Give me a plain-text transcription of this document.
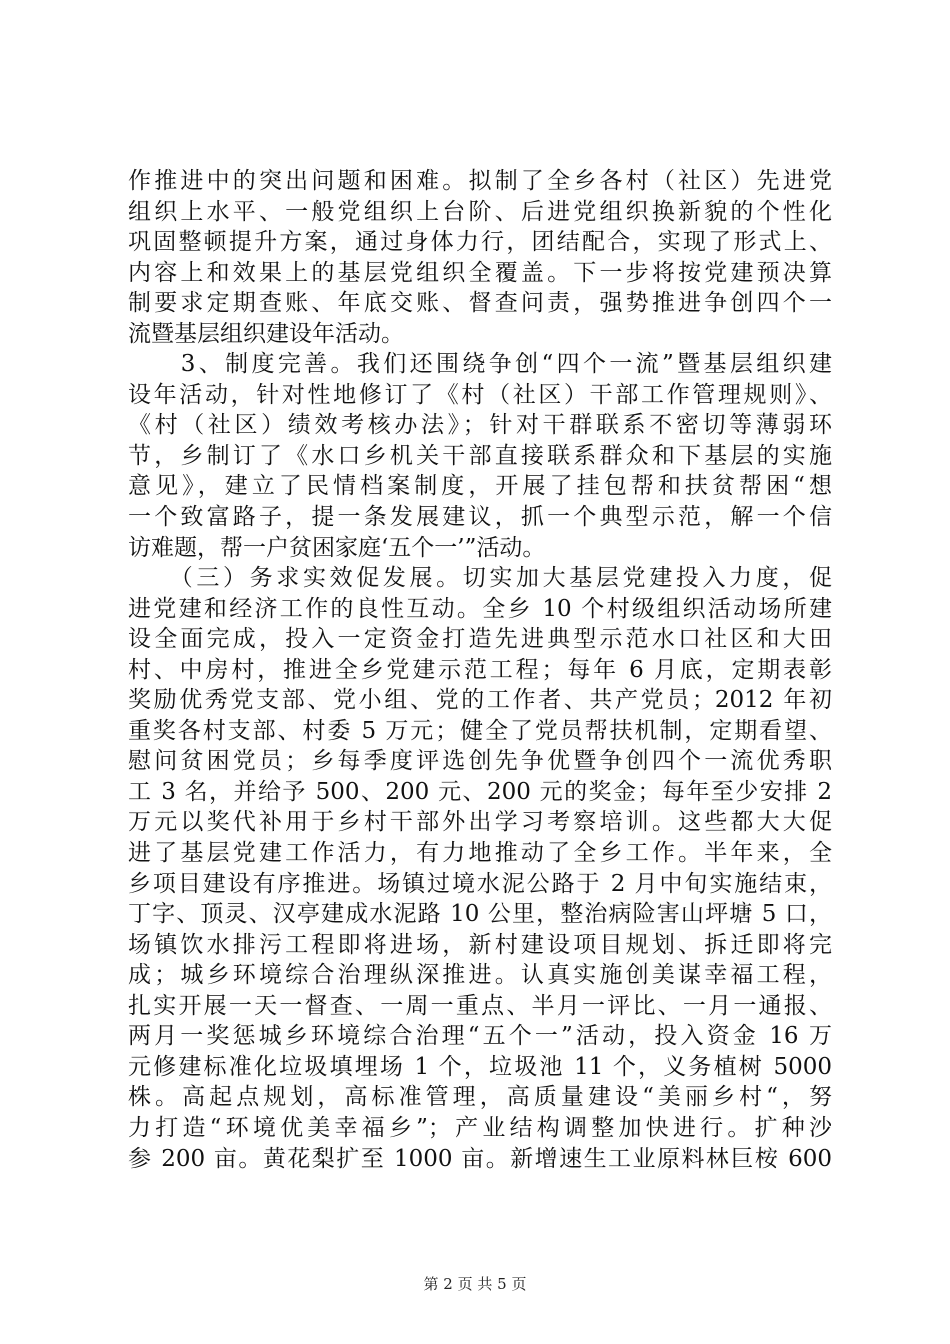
作推进中的突出问题和困难。拟制了全乡各村（社区）先进党
组织上水平、一般党组织上台阶、后进党组织换新貌的个性化
巩固整顿提升方案，通过身体力行，团结配合，实现了形式上、
内容上和效果上的基层党组织全覆盖。下一步将按党建预决算
制要求定期查账、年底交账、督查问责，强势推进争创四个一
流暨基层组织建设年活动。
　　3、制度完善。我们还围绕争创“四个一流”暨基层组织建
设年活动，针对性地修订了《村（社区）干部工作管理规则》、
《村（社区）绩效考核办法》；针对干群联系不密切等薄弱环
节，乡制订了《水口乡机关干部直接联系群众和下基层的实施
意见》，建立了民情档案制度，开展了挂包帮和扶贫帮困“想
一个致富路子，提一条发展建议，抓一个典型示范，解一个信
访难题，帮一户贫困家庭‘五个一’”活动。
　　（三）务求实效促发展。切实加大基层党建投入力度，促
进党建和经济工作的良性互动。全乡 10 个村级组织活动场所建
设全面完成，投入一定资金打造先进典型示范水口社区和大田
村、中房村，推进全乡党建示范工程；每年 6 月底，定期表彰
奖励优秀党支部、党小组、党的工作者、共产党员；2012 年初
重奖各村支部、村委 5 万元；健全了党员帮扶机制，定期看望、
慰问贫困党员；乡每季度评选创先争优暨争创四个一流优秀职
工 3 名，并给予 500、200 元、200 元的奖金；每年至少安排 2
万元以奖代补用于乡村干部外出学习考察培训。这些都大大促
进了基层党建工作活力，有力地推动了全乡工作。半年来，全
乡项目建设有序推进。场镇过境水泥公路于 2 月中旬实施结束，
丁字、顶灵、汉亭建成水泥路 10 公里，整治病险害山坪塘 5 口，
场镇饮水排污工程即将进场，新村建设项目规划、拆迁即将完
成；城乡环境综合治理纵深推进。认真实施创美谋幸福工程，
扎实开展一天一督查、一周一重点、半月一评比、一月一通报、
两月一奖惩城乡环境综合治理“五个一”活动，投入资金 16 万
元修建标准化垃圾填埋场 1 个，垃圾池 11 个，义务植树 5000
株。高起点规划，高标准管理，高质量建设“美丽乡村“，努
力打造“环境优美幸福乡”；产业结构调整加快进行。扩种沙
参 200 亩。黄花梨扩至 1000 亩。新增速生工业原料林巨桉 600
第 2 页 共 5 页
